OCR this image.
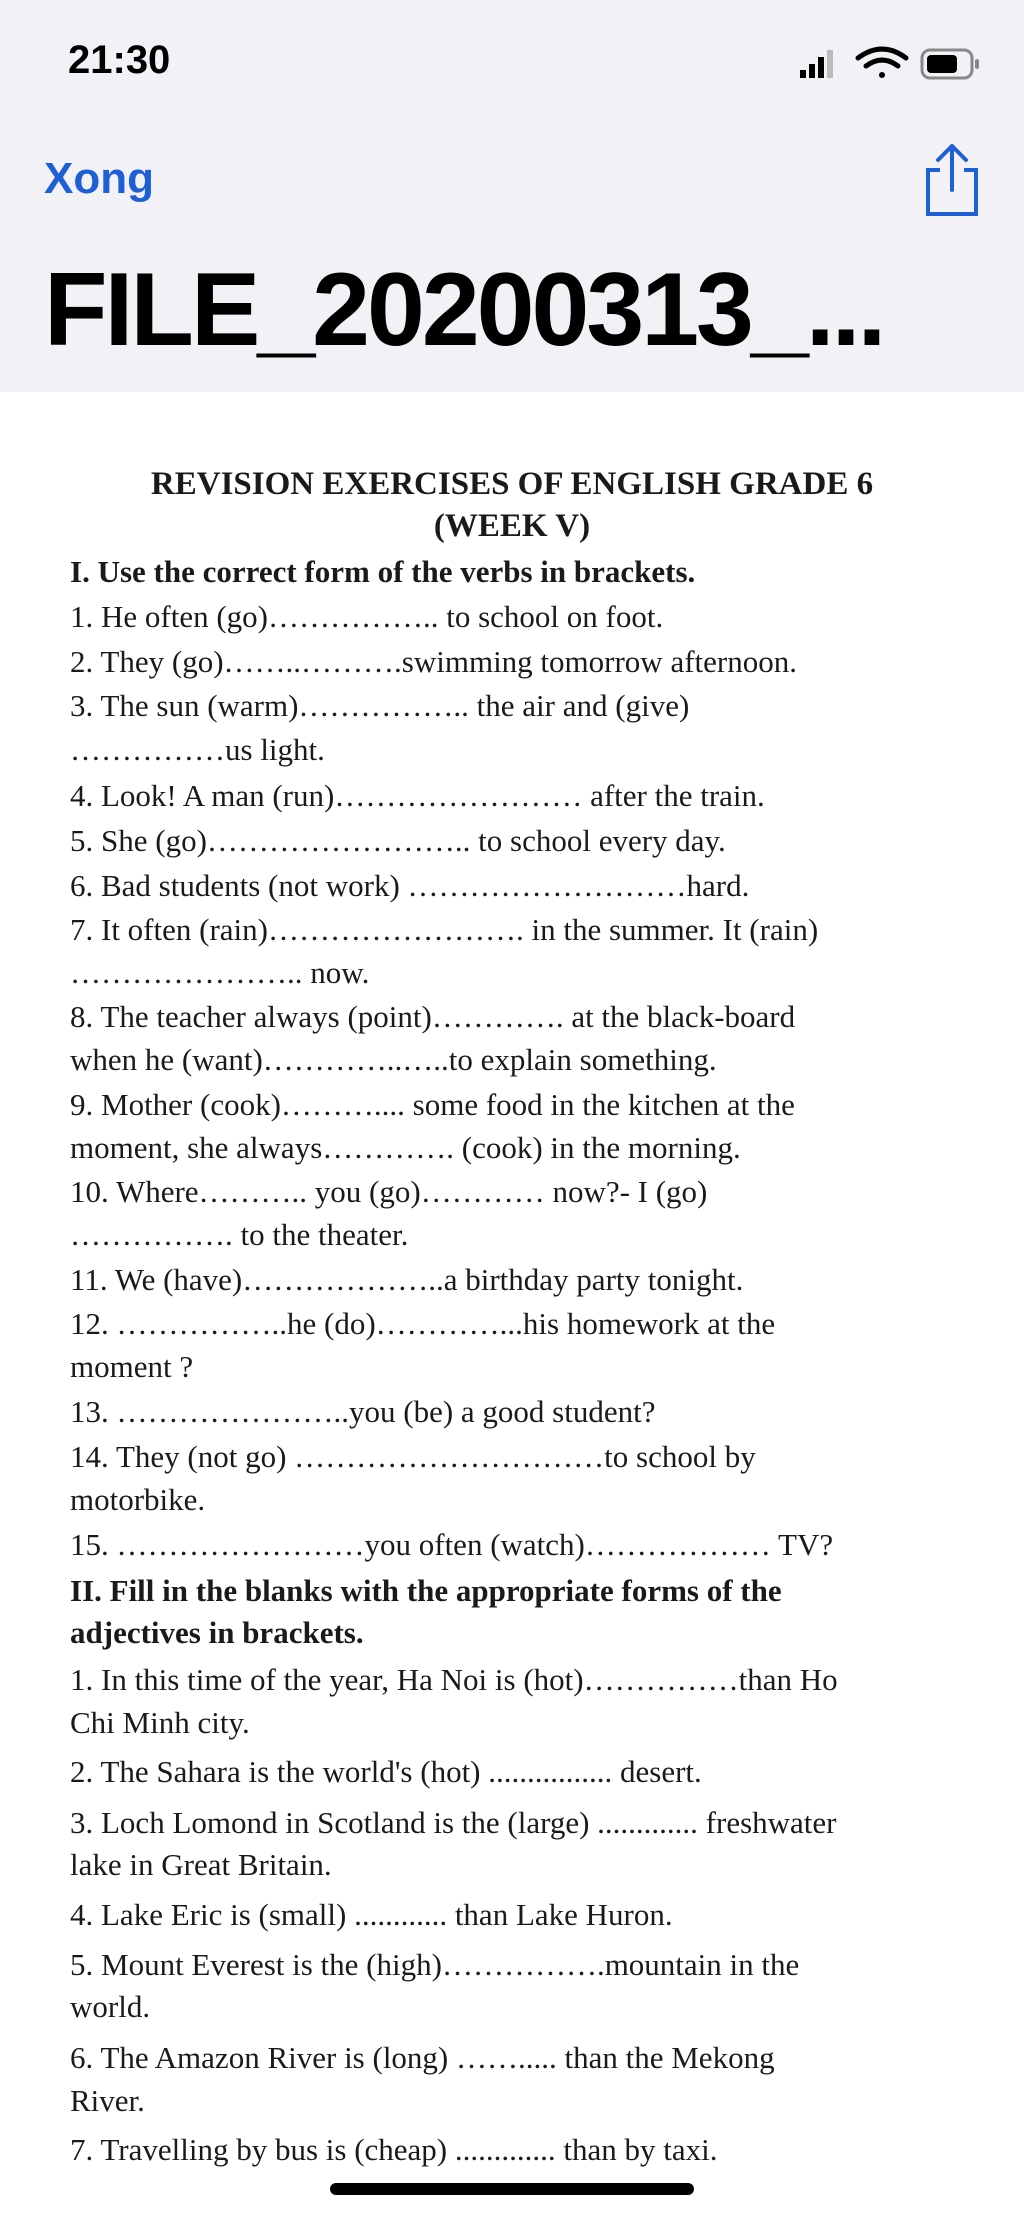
21:30
Xong
FILE_20200313_...
REVISION EXERCISES OF ENGLISH GRADE 6
(WEEK V)
I. Use the correct form of the verbs in brackets.
1. He often (go)…………….. to school on foot.
2. They (go)……..……….swimming tomorrow afternoon.
3. The sun (warm)…………….. the air and (give)
……………us light.
4. Look! A man (run)…………………… after the train.
5. She (go)…………………….. to school every day.
6. Bad students (not work) ………………………hard.
7. It often (rain)……………………. in the summer. It (rain)
………………….. now.
8. The teacher always (point)…………. at the black-board
when he (want)…………..…..to explain something.
9. Mother (cook)……….... some food in the kitchen at the
moment, she always…………. (cook) in the morning.
10. Where……….. you (go)………… now?- I (go)
……………. to the theater.
11. We (have)………………..a birthday party tonight.
12. ……………..he (do)…………...his homework at the
moment ?
13. …………………..you (be) a good student?
14. They (not go) …………………………to school by
motorbike.
15. ……………………you often (watch)……………… TV?
II. Fill in the blanks with the appropriate forms of the
adjectives in brackets.
1. In this time of the year, Ha Noi is (hot)……………than Ho
Chi Minh city.
2. The Sahara is the world's (hot) ................ desert.
3. Loch Lomond in Scotland is the (large) ............. freshwater
lake in Great Britain.
4. Lake Eric is (small) ............ than Lake Huron.
5. Mount Everest is the (high)…………….mountain in the
world.
6. The Amazon River is (long) ……..... than the Mekong
River.
7. Travelling by bus is (cheap) ............. than by taxi.
